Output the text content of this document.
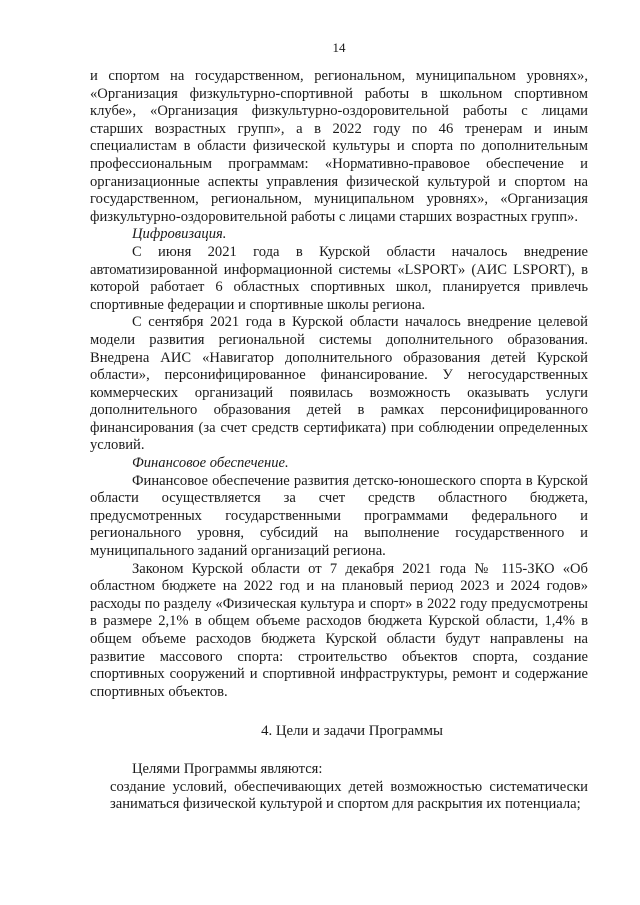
14

и спортом на государственном, региональном, муниципальном уровнях», «Организация физкультурно-спортивной работы в школьном спортивном клубе», «Организация физкультурно-оздоровительной работы с лицами старших возрастных групп», а в 2022 году по 46 тренерам и иным специалистам в области физической культуры и спорта по дополнительным профессиональным программам: «Нормативно-правовое обеспечение и организационные аспекты управления физической культурой и спортом на государственном, региональном, муниципальном уровнях», «Организация физкультурно-оздоровительной работы с лицами старших возрастных групп».

Цифровизация.

С июня 2021 года в Курской области началось внедрение автоматизированной информационной системы «LSPORT» (АИС LSPORT), в которой работает 6 областных спортивных школ, планируется привлечь спортивные федерации и спортивные школы региона.

С сентября 2021 года в Курской области началось внедрение целевой модели развития региональной системы дополнительного образования. Внедрена АИС «Навигатор дополнительного образования детей Курской области», персонифицированное финансирование. У негосударственных коммерческих организаций появилась возможность оказывать услуги дополнительного образования детей в рамках персонифицированного финансирования (за счет средств сертификата) при соблюдении определенных условий.

Финансовое обеспечение.

Финансовое обеспечение развития детско-юношеского спорта в Курской области осуществляется за счет средств областного бюджета, предусмотренных государственными программами федерального и регионального уровня, субсидий на выполнение государственного и муниципального заданий организаций региона.

Законом Курской области от 7 декабря 2021 года № 115-ЗКО «Об областном бюджете на 2022 год и на плановый период 2023 и 2024 годов» расходы по разделу «Физическая культура и спорт» в 2022 году предусмотрены в размере 2,1% в общем объеме расходов бюджета Курской области, 1,4% в общем объеме расходов бюджета Курской области будут направлены на развитие массового спорта: строительство объектов спорта, создание спортивных сооружений и спортивной инфраструктуры, ремонт и содержание спортивных объектов.

4. Цели и задачи Программы

Целями Программы являются:

создание условий, обеспечивающих детей возможностью систематически заниматься физической культурой и спортом для раскрытия их потенциала;
